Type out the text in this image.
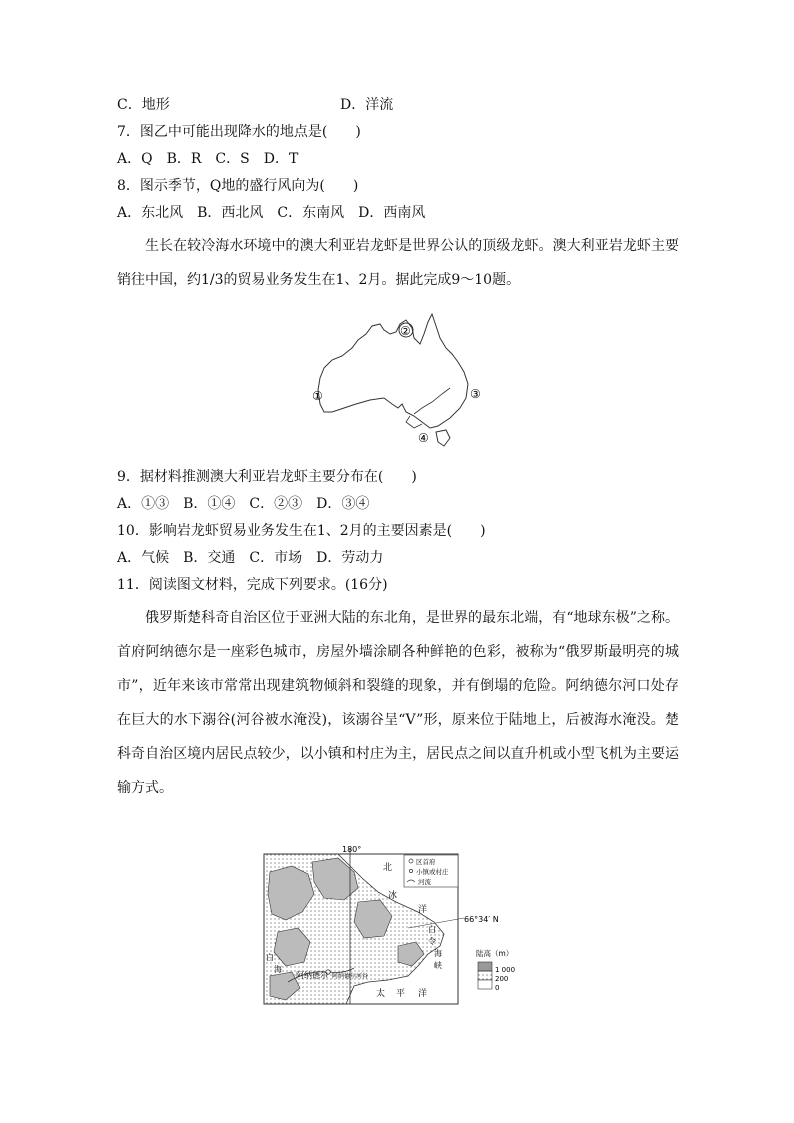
C．地形	D．洋流
7．图乙中可能出现降水的地点是(　　)
A．Q　B．R　C．S　D．T
8．图示季节，Q地的盛行风向为(　　)
A．东北风　B．西北风　C．东南风　D．西南风
生长在较冷海水环境中的澳大利亚岩龙虾是世界公认的顶级龙虾。澳大利亚岩龙虾主要销往中国，约1/3的贸易业务发生在1、2月。据此完成9～10题。
②
①	③
④
9．据材料推测澳大利亚岩龙虾主要分布在(　　)
A．①③　B．①④　C．②③　D．③④
10．影响岩龙虾贸易业务发生在1、2月的主要因素是(　　)
A．气候　B．交通　C．市场　D．劳动力
11．阅读图文材料，完成下列要求。(16分)
俄罗斯楚科奇自治区位于亚洲大陆的东北角，是世界的最东北端，有“地球东极”之称。首府阿纳德尔是一座彩色城市，房屋外墙涂刷各种鲜艳的色彩，被称为“俄罗斯最明亮的城市”，近年来该市常常出现建筑物倾斜和裂缝的现象，并有倒塌的危险。阿纳德尔河口处存在巨大的水下溺谷(河谷被水淹没)，该溺谷呈“V”形，原来位于陆地上，后被海水淹没。楚科奇自治区境内居民点较少，以小镇和村庄为主，居民点之间以直升机或小型飞机为主要运输方式。
180°
66°34′ N
北
冰
洋
白
令
海
峡
白
海
太 平 洋
阿纳德尔 阿纳德尔河谷
区首府
小镇或村庄
河流
陆高（m）
1 000
200
0
